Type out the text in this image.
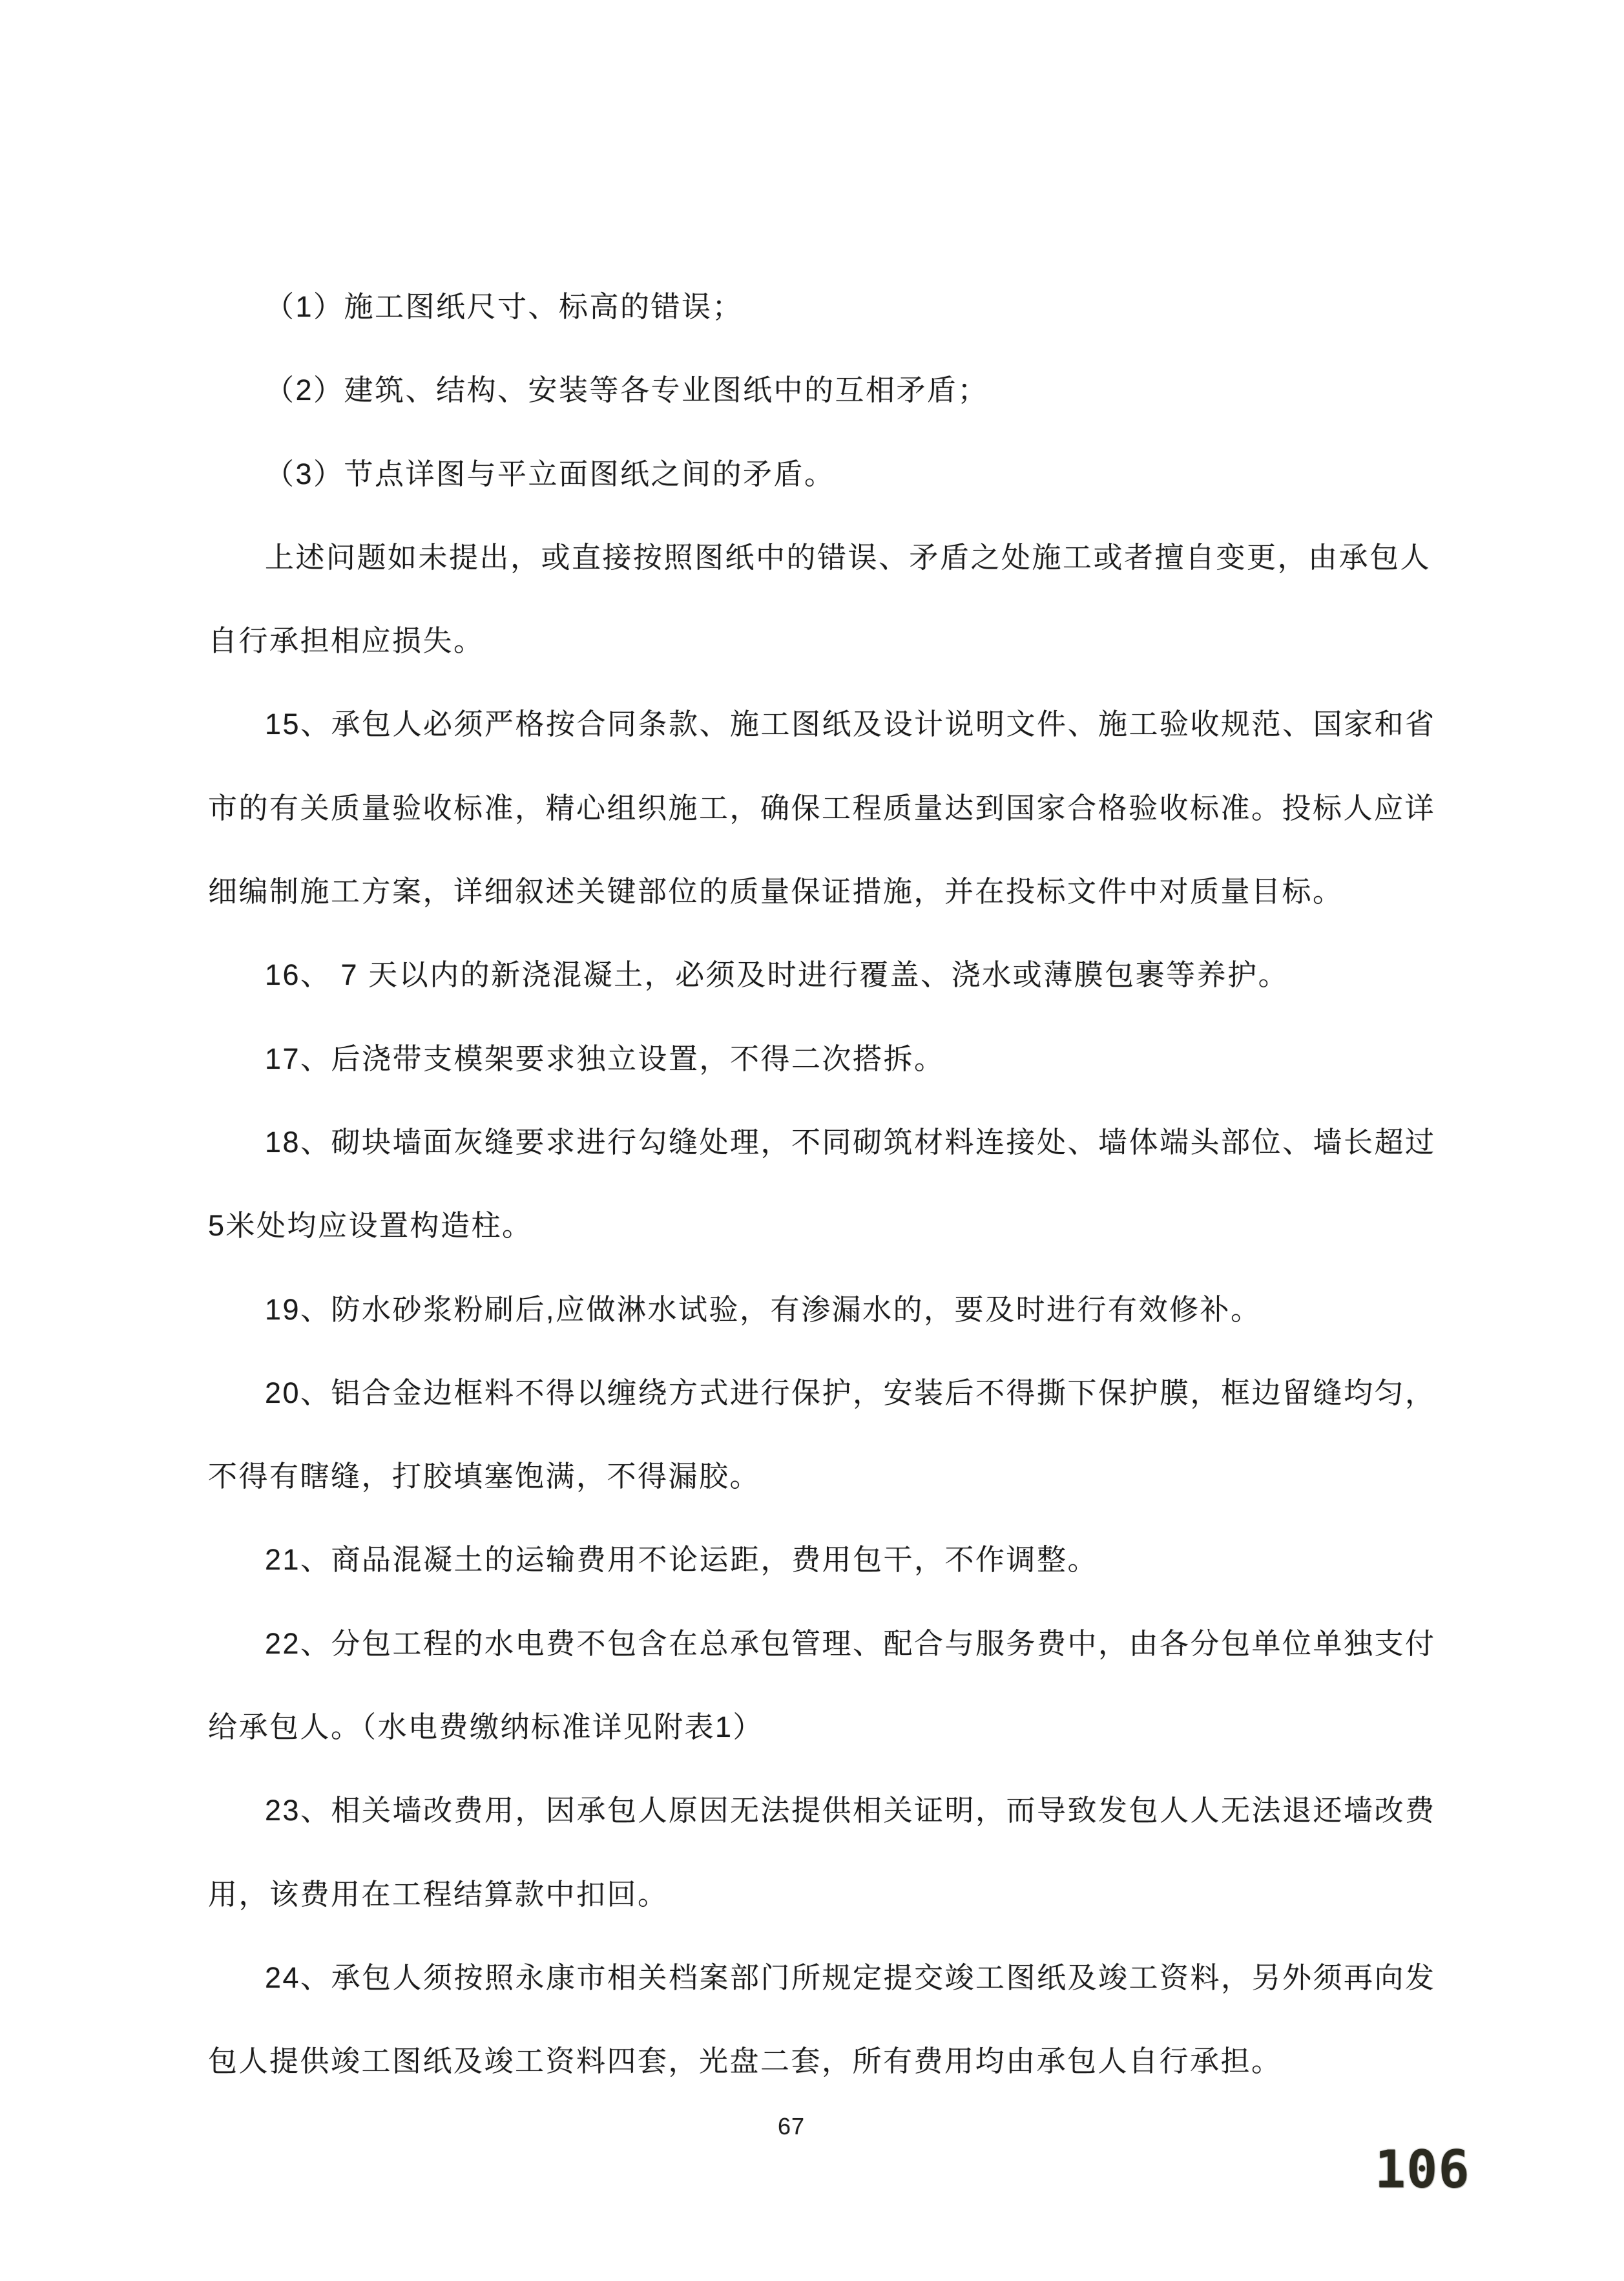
（1）施工图纸尺寸、标高的错误；
（2）建筑、结构、安装等各专业图纸中的互相矛盾；
（3）节点详图与平立面图纸之间的矛盾。
上述问题如未提出，或直接按照图纸中的错误、矛盾之处施工或者擅自变更，由承包人
自行承担相应损失。
15、承包人必须严格按合同条款、施工图纸及设计说明文件、施工验收规范、国家和省
市的有关质量验收标准，精心组织施工，确保工程质量达到国家合格验收标准。投标人应详
细编制施工方案，详细叙述关键部位的质量保证措施，并在投标文件中对质量目标。
16、 7 天以内的新浇混凝土，必须及时进行覆盖、浇水或薄膜包裹等养护。
17、后浇带支模架要求独立设置，不得二次搭拆。
18、砌块墙面灰缝要求进行勾缝处理，不同砌筑材料连接处、墙体端头部位、墙长超过
5米处均应设置构造柱。
19、防水砂浆粉刷后,应做淋水试验，有渗漏水的，要及时进行有效修补。
20、铝合金边框料不得以缠绕方式进行保护，安装后不得撕下保护膜，框边留缝均匀，
不得有瞎缝，打胶填塞饱满，不得漏胶。
21、商品混凝土的运输费用不论运距，费用包干，不作调整。
22、分包工程的水电费不包含在总承包管理、配合与服务费中，由各分包单位单独支付
给承包人。（水电费缴纳标准详见附表1）
23、相关墙改费用，因承包人原因无法提供相关证明，而导致发包人人无法退还墙改费
用，该费用在工程结算款中扣回。
24、承包人须按照永康市相关档案部门所规定提交竣工图纸及竣工资料，另外须再向发
包人提供竣工图纸及竣工资料四套，光盘二套，所有费用均由承包人自行承担。
67
106
